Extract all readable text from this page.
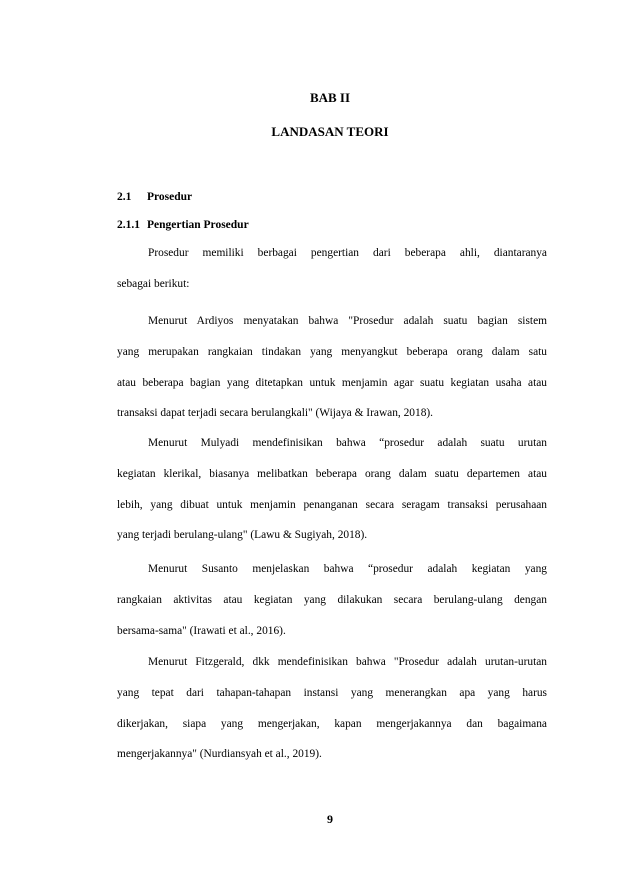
BAB II
LANDASAN TEORI
2.1 Prosedur
2.1.1 Pengertian Prosedur
Prosedur memiliki berbagai pengertian dari beberapa ahli, diantaranya
sebagai berikut:
Menurut Ardiyos menyatakan bahwa "Prosedur adalah suatu bagian sistem
yang merupakan rangkaian tindakan yang menyangkut beberapa orang dalam satu
atau beberapa bagian yang ditetapkan untuk menjamin agar suatu kegiatan usaha atau
transaksi dapat terjadi secara berulangkali" (Wijaya & Irawan, 2018).
Menurut Mulyadi mendefinisikan bahwa “prosedur adalah suatu urutan
kegiatan klerikal, biasanya melibatkan beberapa orang dalam suatu departemen atau
lebih, yang dibuat untuk menjamin penanganan secara seragam transaksi perusahaan
yang terjadi berulang-ulang" (Lawu & Sugiyah, 2018).
Menurut Susanto menjelaskan bahwa “prosedur adalah kegiatan yang
rangkaian aktivitas atau kegiatan yang dilakukan secara berulang-ulang dengan
bersama-sama" (Irawati et al., 2016).
Menurut Fitzgerald, dkk mendefinisikan bahwa "Prosedur adalah urutan-urutan
yang tepat dari tahapan-tahapan instansi yang menerangkan apa yang harus
dikerjakan, siapa yang mengerjakan, kapan mengerjakannya dan bagaimana
mengerjakannya" (Nurdiansyah et al., 2019).
9
